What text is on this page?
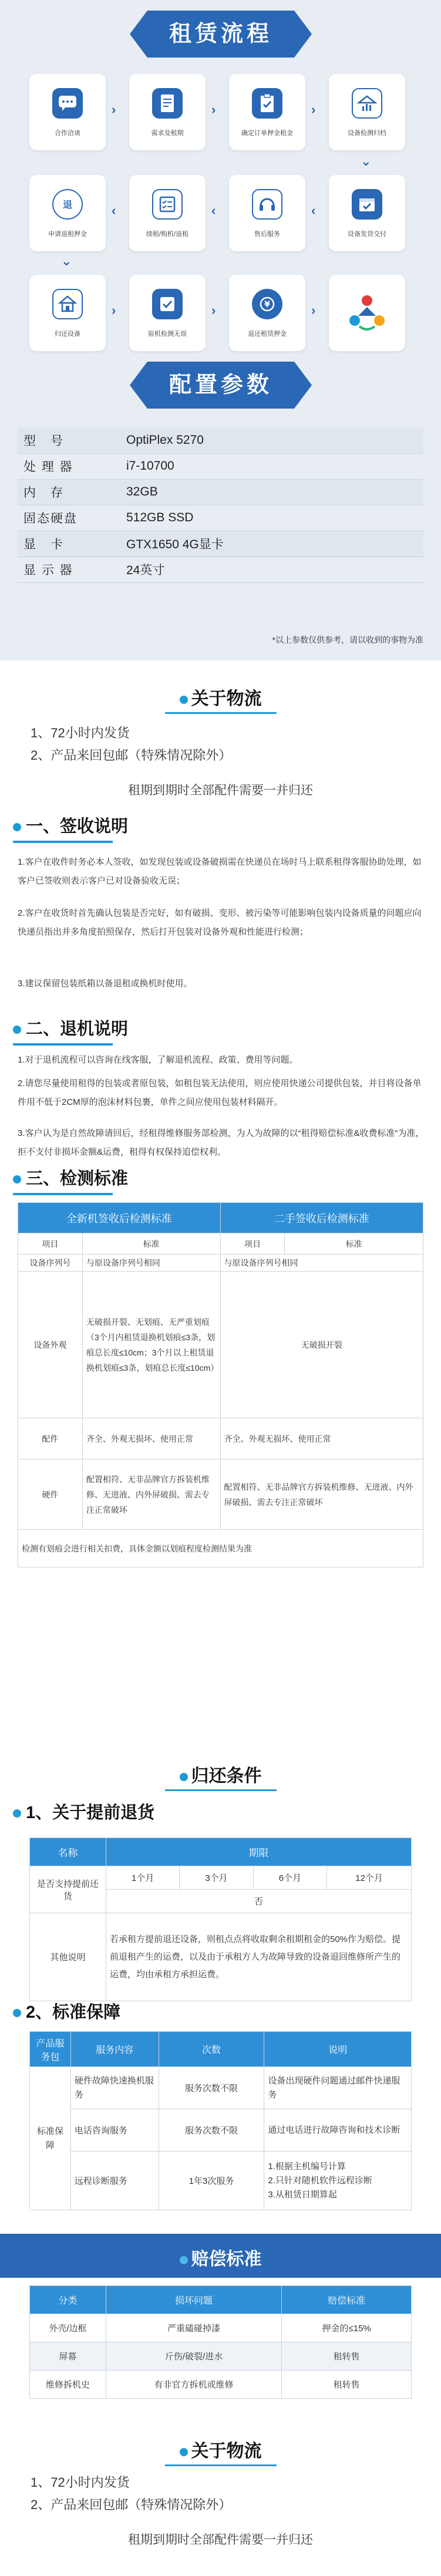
租赁流程
合作洽谈
›
需求及租期
›
确定订单押金租金
›
设备检测归档
⌄
设备发货交付
‹
售后服务
‹
续租/购机/退租
‹
退
申请退租押金
⌄
归还设备
›
验机检测无误
›	¥
退还租赁押金
›
配置参数
型　号	OptiPlex 5270
处 理 器	i7-10700
内　存	32GB
固态硬盘	512GB SSD
显　卡	GTX1650 4G显卡
显 示 器	24英寸
*以上参数仅供参考，请以收到的事物为准
关于物流
1、72小时内发货
2、产品来回包邮（特殊情况除外）
租期到期时全部配件需要一并归还
一、签收说明
1.客户在收件时务必本人签收，如发现包装或设备破损需在快递员在场时马上联系租得客服协助处理，如客户已签收则表示客户已对设备验收无误；
2.客户在收货时首先确认包装是否完好，如有破损、变形、被污染等可能影响包装内设备质量的问题应向快递员指出并多角度拍照保存，然后打开包装对设备外观和性能进行检测；
3.建议保留包装纸箱以备退租或换机时使用。
二、退机说明
1.对于退机流程可以咨询在线客服，了解退机流程、政策、费用等问题。
2.请您尽量使用租得的包装或者原包装，如租包装无法使用，则应使用快递公司提供包装，并目将设备单件用不低于2CM厚的泡沫材料包裹，单件之间应使用包装材料隔开。
3.客户认为是自然故障请回后，经租得维修服务部检测，为人为故障的以“租得赔偿标准&收费标准“为准，拒不支付非损坏金额&运费，租得有权保持追偿权利。
三、检测标准
全新机签收后检测标准		二手签收后检测标准	
项目	标准	项目	标准
设备序列号	与原设备序列号相同	与原设备序列号相同	
设备外观	无破损开裂、无划痕、无严重划痕（3个月内租赁退换机划痕≤3条，划痕总长度≤10cm；3个月以上租赁退换机划痕≤3条，划痕总长度≤10cm）	无破损开裂	
配件	齐全、外观无损坏、使用正常	齐全、外观无损坏、使用正常	
硬件	配置相符、无非品牌官方拆装机维修、无进液、内外屏破损、需去专注正常破坏	配置相符、无非品牌官方拆装机维修、无进液、内外屏破损、需去专注正常破坏	
检测有划痕会进行相关扣费，具体金额以划痕程度检测结果为准			
归还条件
1、关于提前退货
名称	期限			
是否支持提前还货	1个月	3个月	6个月	12个月
	否			
其他说明	若承租方提前退还设备，则租点点将收取剩余租期租金的50%作为赔偿。提前退租产生的运费，以及由于承租方人为故障导致的设备退回维修所产生的运费，均由承租方承担运费。			
2、标准保障
产品服务包	服务内容	次数	说明
标准保障	硬件故障快速换机服务	服务次数不限	设备出现硬件问题通过邮件快递服务
	电话咨询服务	服务次数不限	通过电话进行故障咨询和技术诊断
	远程诊断服务	1年3次服务	1.根据主机编号计算
2.只针对随机软件远程诊断
3.从租赁日期算起
赔偿标准
分类	损坏问题	赔偿标准
外壳/边框	严重磕碰掉漆	押金的≤15%
屏幕	斤伤/破裂/进水	租转售
维修拆机史	有非官方拆机或维修	租转售
关于物流
1、72小时内发货
2、产品来回包邮（特殊情况除外）
租期到期时全部配件需要一并归还
